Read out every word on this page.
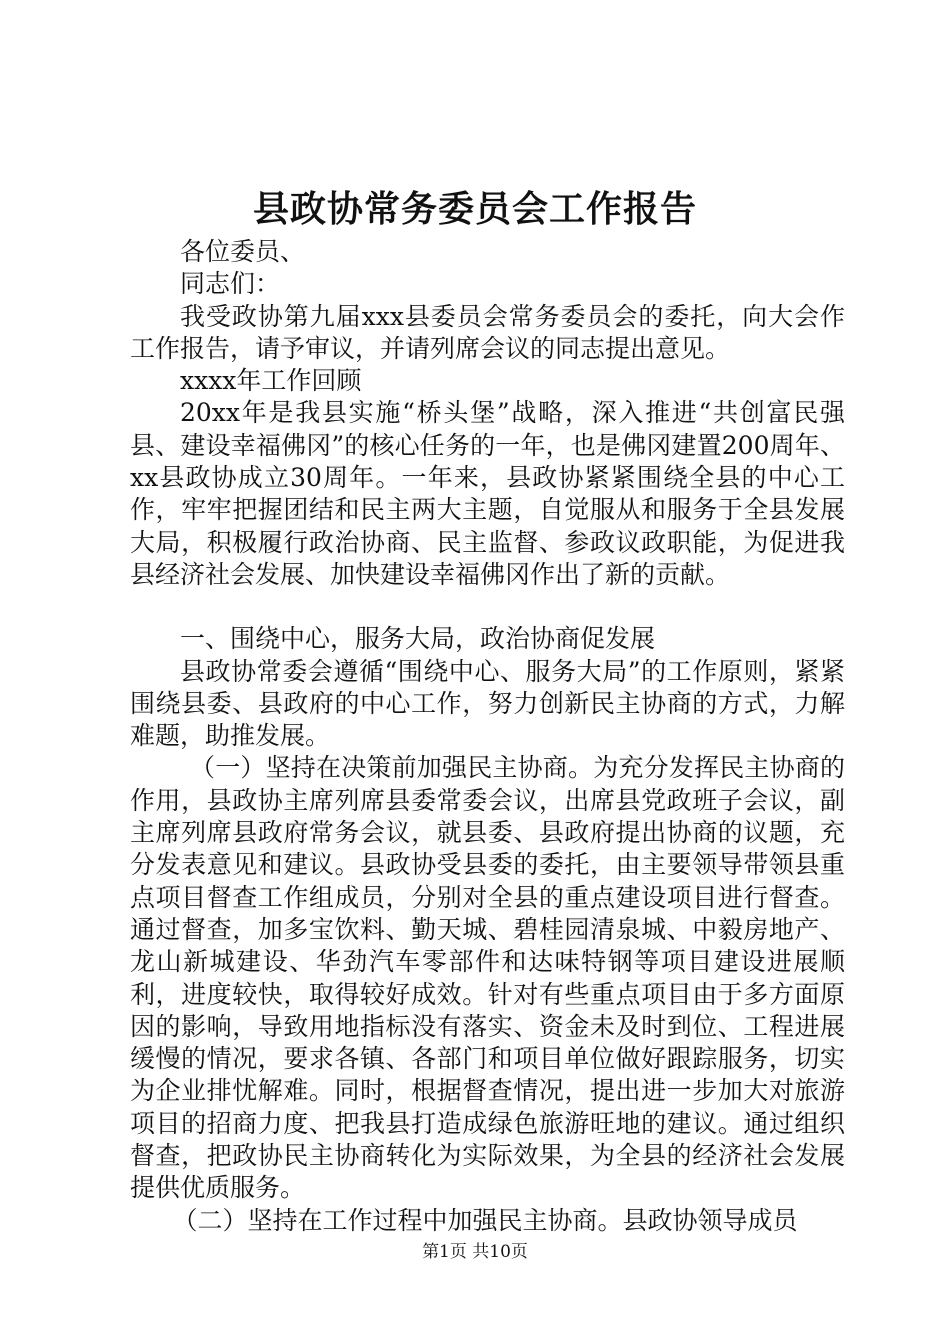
县政协常务委员会工作报告

各位委员、

同志们：

我受政协第九届xxx县委员会常务委员会的委托，向大会作工作报告，请予审议，并请列席会议的同志提出意见。

xxxx年工作回顾

20xx年是我县实施“桥头堡”战略，深入推进“共创富民强县、建设幸福佛冈”的核心任务的一年，也是佛冈建置200周年、xx县政协成立30周年。一年来，县政协紧紧围绕全县的中心工作，牢牢把握团结和民主两大主题，自觉服从和服务于全县发展大局，积极履行政治协商、民主监督、参政议政职能，为促进我县经济社会发展、加快建设幸福佛冈作出了新的贡献。

一、围绕中心，服务大局，政治协商促发展

县政协常委会遵循“围绕中心、服务大局”的工作原则，紧紧围绕县委、县政府的中心工作，努力创新民主协商的方式，力解难题，助推发展。

（一）坚持在决策前加强民主协商。为充分发挥民主协商的作用，县政协主席列席县委常委会议，出席县党政班子会议，副主席列席县政府常务会议，就县委、县政府提出协商的议题，充分发表意见和建议。县政协受县委的委托，由主要领导带领县重点项目督查工作组成员，分别对全县的重点建设项目进行督查。通过督查，加多宝饮料、勤天城、碧桂园清泉城、中毅房地产、龙山新城建设、华劲汽车零部件和达味特钢等项目建设进展顺利，进度较快，取得较好成效。针对有些重点项目由于多方面原因的影响，导致用地指标没有落实、资金未及时到位、工程进展缓慢的情况，要求各镇、各部门和项目单位做好跟踪服务，切实为企业排忧解难。同时，根据督查情况，提出进一步加大对旅游项目的招商力度、把我县打造成绿色旅游旺地的建议。通过组织督查，把政协民主协商转化为实际效果，为全县的经济社会发展提供优质服务。

（二）坚持在工作过程中加强民主协商。县政协领导成员

第1页 共10页
